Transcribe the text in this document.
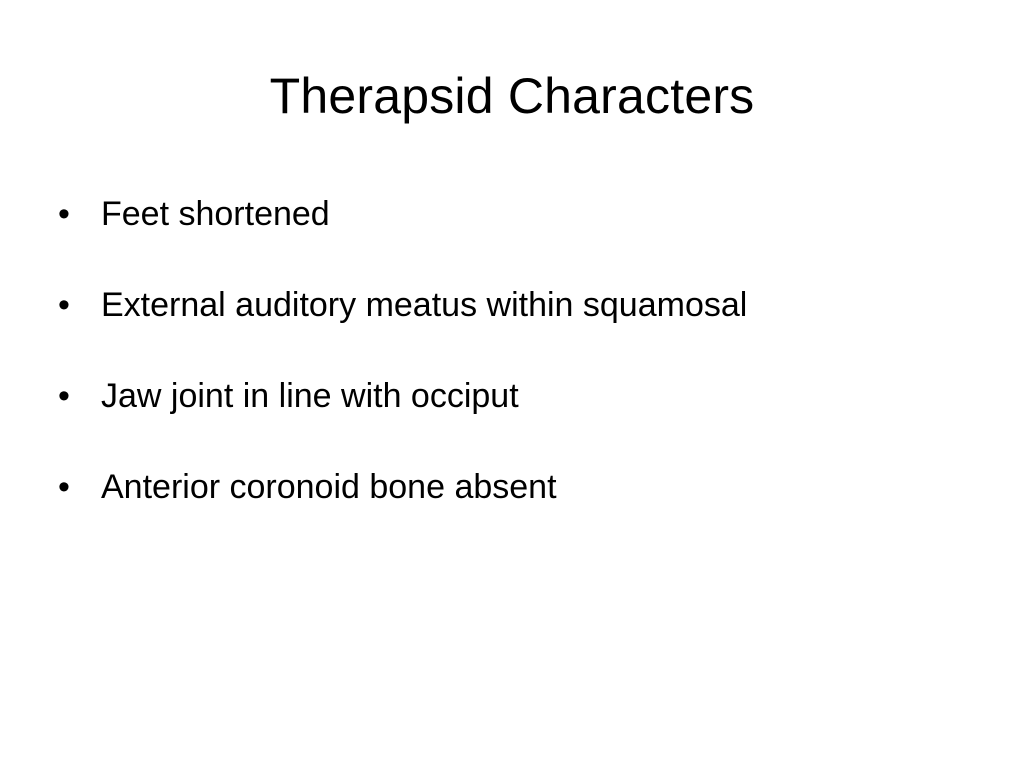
Therapsid Characters
• Feet shortened
• External auditory meatus within squamosal
• Jaw joint in line with occiput
• Anterior coronoid bone absent
